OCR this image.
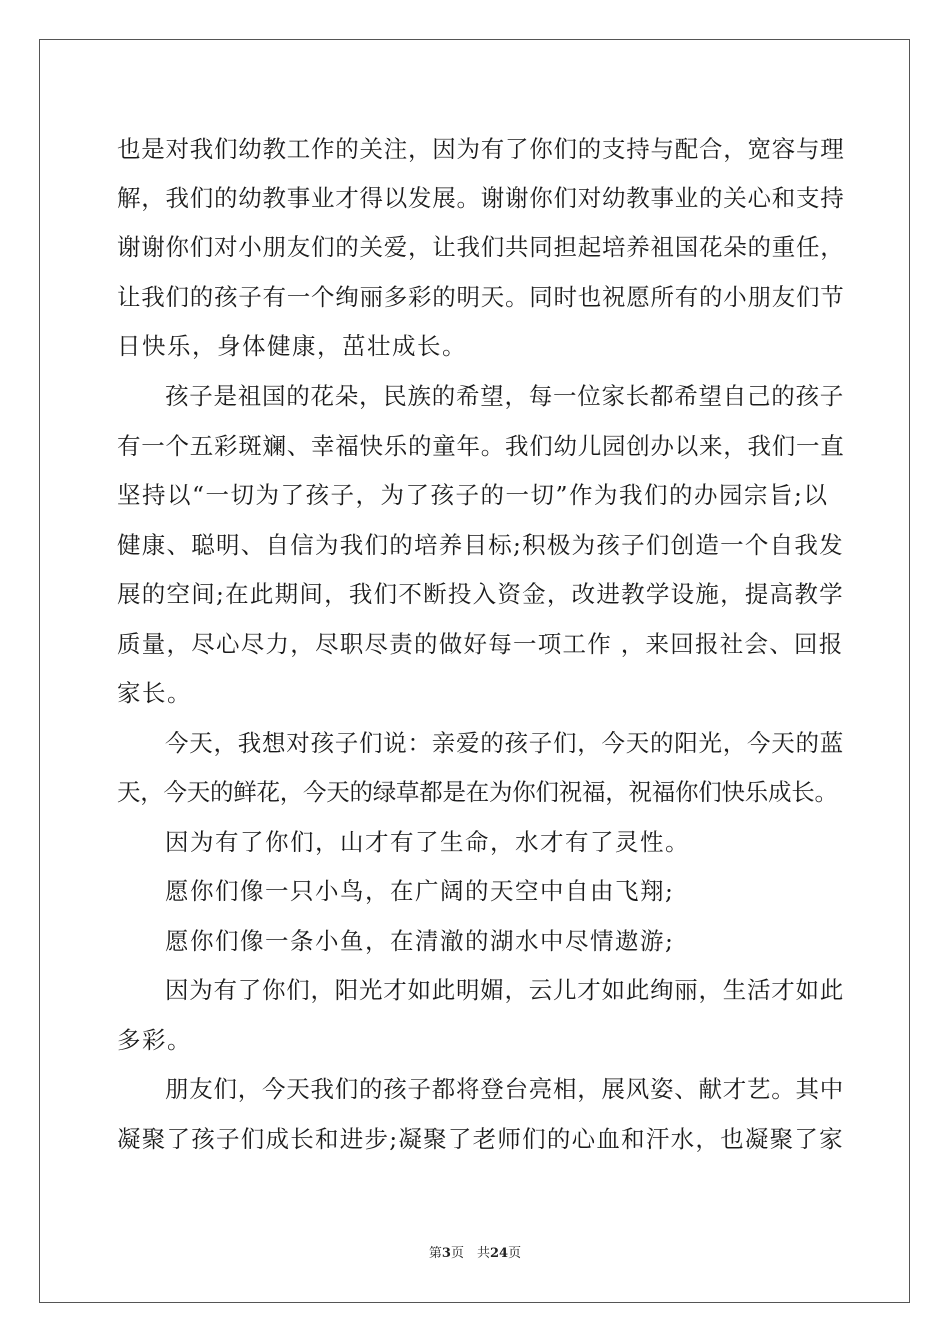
也是对我们幼教工作的关注，因为有了你们的支持与配合，宽容与理
解，我们的幼教事业才得以发展。谢谢你们对幼教事业的关心和支持
谢谢你们对小朋友们的关爱，让我们共同担起培养祖国花朵的重任，
让我们的孩子有一个绚丽多彩的明天。同时也祝愿所有的小朋友们节
日快乐，身体健康，茁壮成长。
孩子是祖国的花朵，民族的希望，每一位家长都希望自己的孩子
有一个五彩斑斓、幸福快乐的童年。我们幼儿园创办以来，我们一直
坚持以“一切为了孩子，为了孩子的一切”作为我们的办园宗旨;以
健康、聪明、自信为我们的培养目标;积极为孩子们创造一个自我发
展的空间;在此期间，我们不断投入资金，改进教学设施，提高教学
质量，尽心尽力，尽职尽责的做好每一项工作 ，来回报社会、回报
家长。
今天，我想对孩子们说：亲爱的孩子们，今天的阳光，今天的蓝
天，今天的鲜花，今天的绿草都是在为你们祝福，祝福你们快乐成长。
因为有了你们，山才有了生命，水才有了灵性。
愿你们像一只小鸟，在广阔的天空中自由飞翔;
愿你们像一条小鱼，在清澈的湖水中尽情遨游;
因为有了你们，阳光才如此明媚，云儿才如此绚丽，生活才如此
多彩。
朋友们，今天我们的孩子都将登台亮相，展风姿、献才艺。其中
凝聚了孩子们成长和进步;凝聚了老师们的心血和汗水，也凝聚了家
第3页　共24页
